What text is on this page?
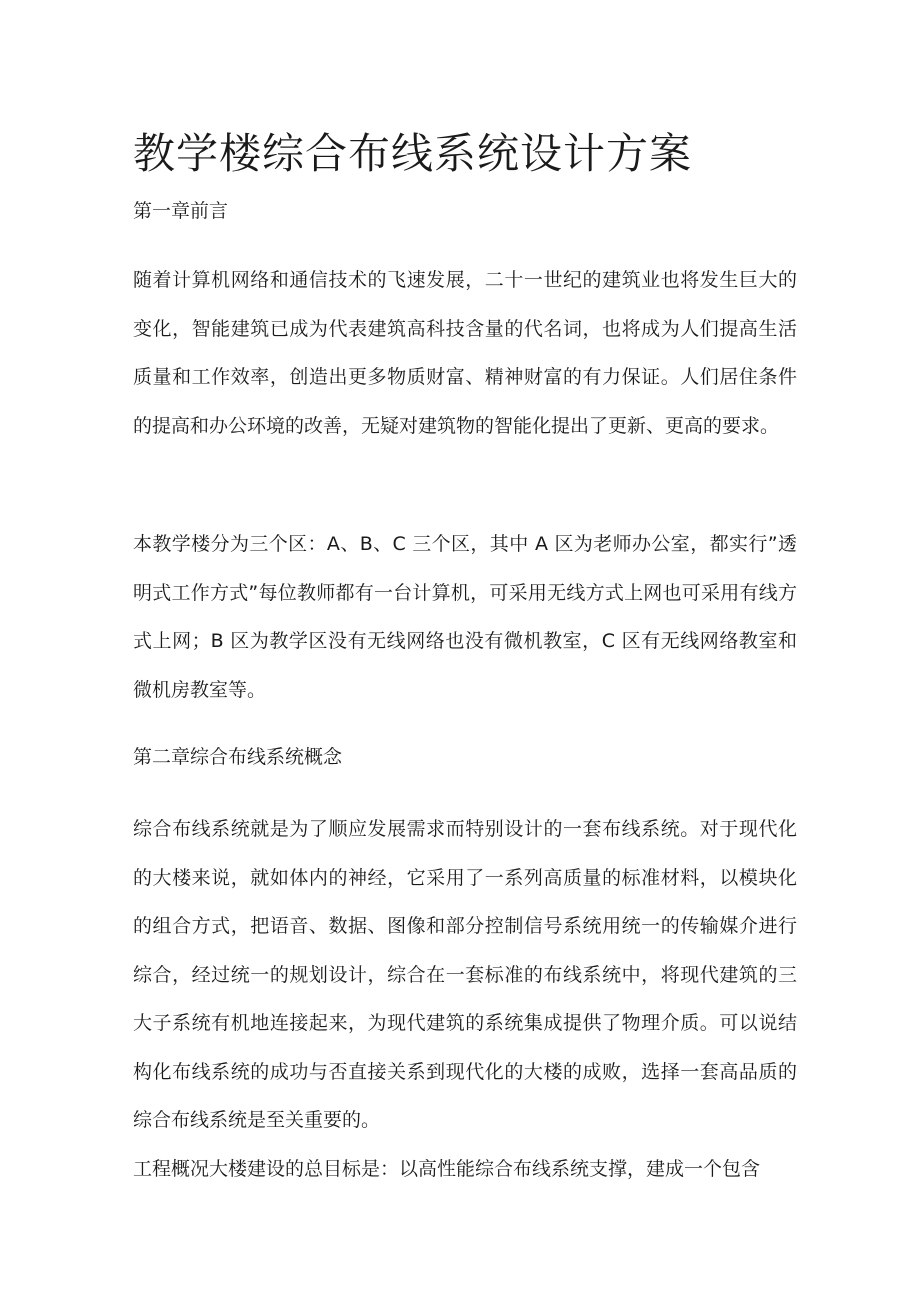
教学楼综合布线系统设计方案
第一章前言

随着计算机网络和通信技术的飞速发展，二十一世纪的建筑业也将发生巨大的变化，智能建筑已成为代表建筑高科技含量的代名词，也将成为人们提高生活质量和工作效率，创造出更多物质财富、精神财富的有力保证。人们居住条件的提高和办公环境的改善，无疑对建筑物的智能化提出了更新、更高的要求。

本教学楼分为三个区：A、B、C 三个区，其中 A 区为老师办公室，都实行”透明式工作方式”每位教师都有一台计算机，可采用无线方式上网也可采用有线方式上网；B 区为教学区没有无线网络也没有微机教室，C 区有无线网络教室和微机房教室等。

第二章综合布线系统概念

综合布线系统就是为了顺应发展需求而特别设计的一套布线系统。对于现代化的大楼来说，就如体内的神经，它采用了一系列高质量的标准材料，以模块化的组合方式，把语音、数据、图像和部分控制信号系统用统一的传输媒介进行综合，经过统一的规划设计，综合在一套标准的布线系统中，将现代建筑的三大子系统有机地连接起来，为现代建筑的系统集成提供了物理介质。可以说结构化布线系统的成功与否直接关系到现代化的大楼的成败，选择一套高品质的综合布线系统是至关重要的。

工程概况大楼建设的总目标是：以高性能综合布线系统支撑，建成一个包含
